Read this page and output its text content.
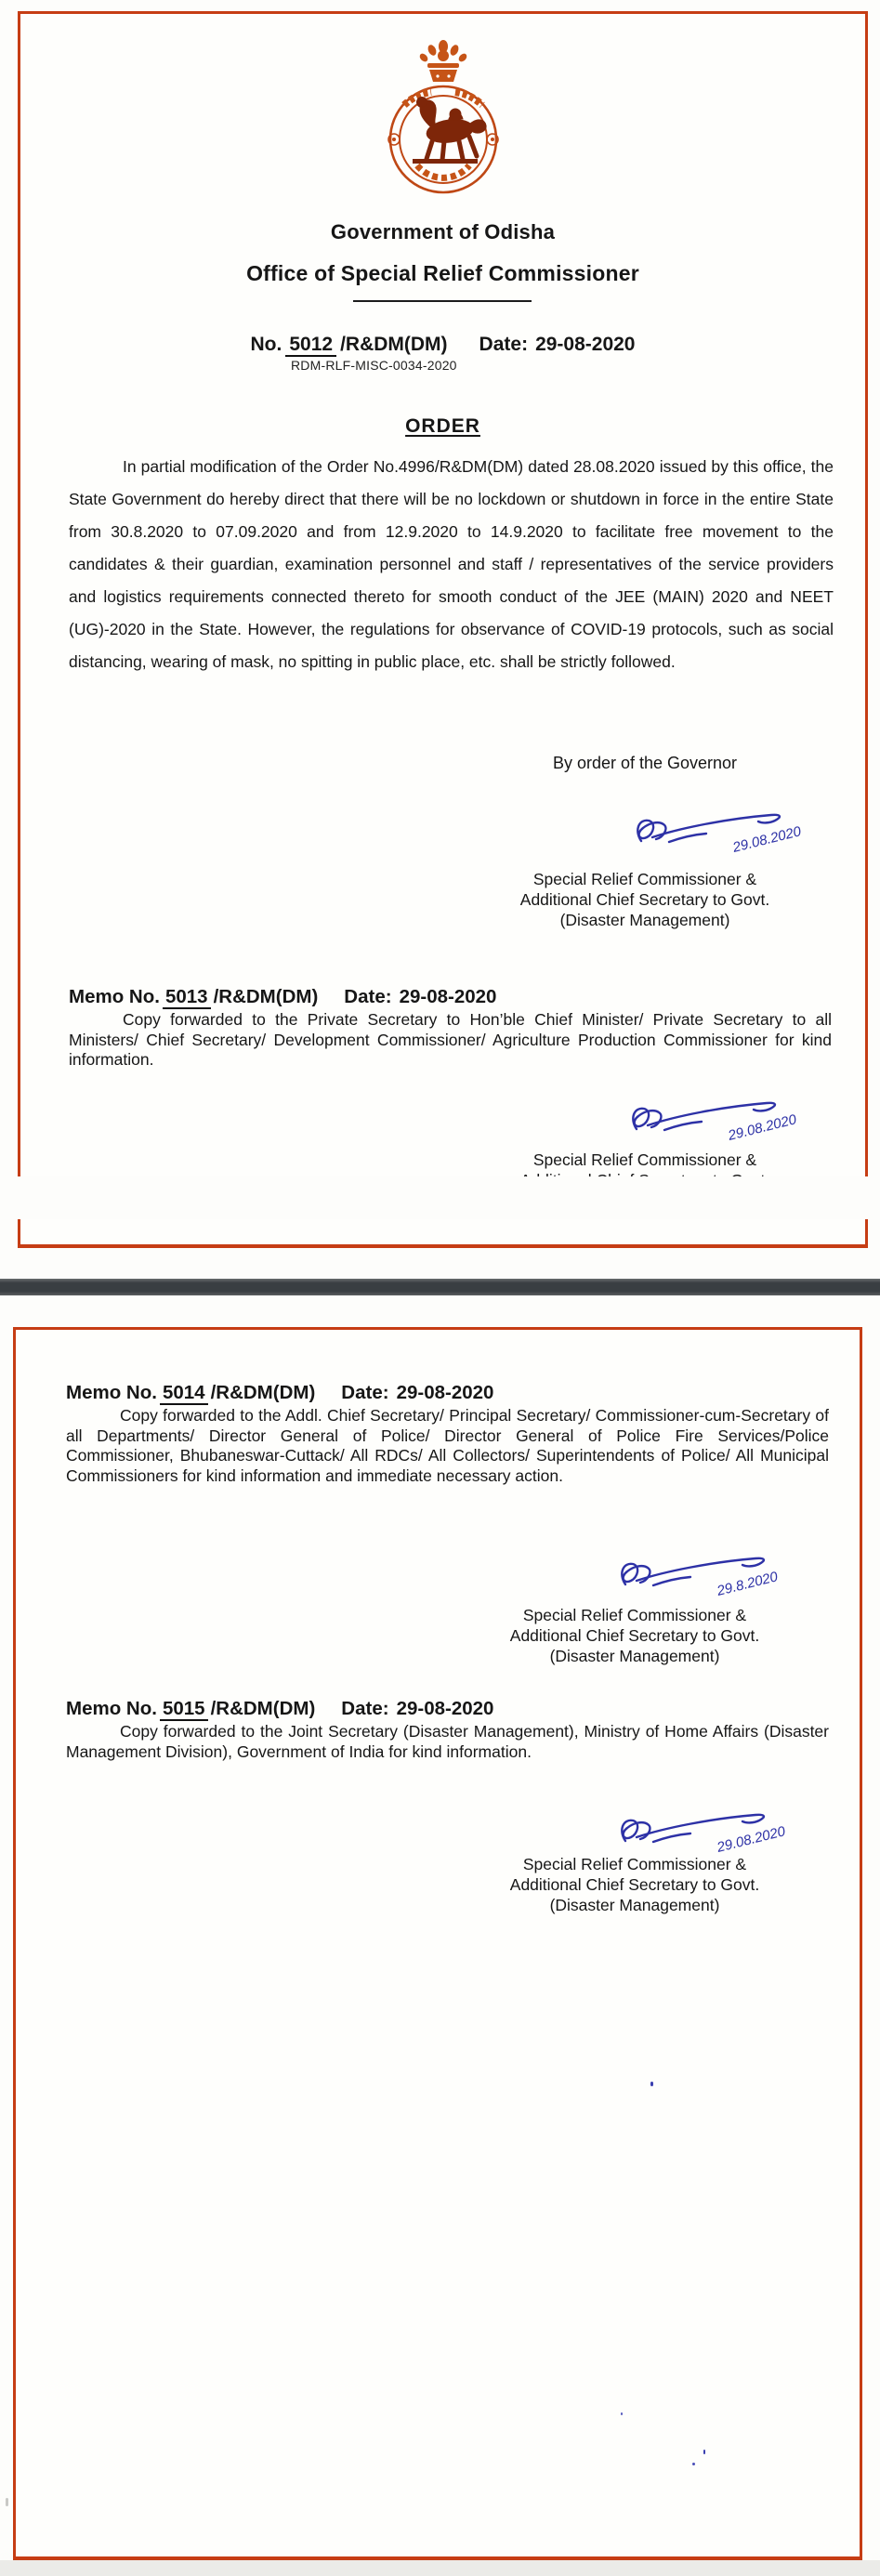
Government of Odisha
Office of Special Relief Commissioner
No. 5012 /R&DM(DM) Date: 29-08-2020
RDM-RLF-MISC-0034-2020
ORDER
In partial modification of the Order No.4996/R&DM(DM) dated 28.08.2020 issued by this office, the State Government do hereby direct that there will be no lockdown or shutdown in force in the entire State from 30.8.2020 to 07.09.2020 and from 12.9.2020 to 14.9.2020 to facilitate free movement to the candidates & their guardian, examination personnel and staff / representatives of the service providers and logistics requirements connected thereto for smooth conduct of the JEE (MAIN) 2020 and NEET (UG)-2020 in the State. However, the regulations for observance of COVID-19 protocols, such as social distancing, wearing of mask, no spitting in public place, etc. shall be strictly followed.
By order of the Governor
29.08.2020
Special Relief Commissioner &
Additional Chief Secretary to Govt.
(Disaster Management)
Memo No. 5013 /R&DM(DM) Date: 29-08-2020
Copy forwarded to the Private Secretary to Hon’ble Chief Minister/ Private Secretary to all Ministers/ Chief Secretary/ Development Commissioner/ Agriculture Production Commissioner for kind information.
29.08.2020
Special Relief Commissioner &
Memo No. 5014 /R&DM(DM) Date: 29-08-2020
Copy forwarded to the Addl. Chief Secretary/ Principal Secretary/ Commissioner-cum-Secretary of all Departments/ Director General of Police/ Director General of Police Fire Services/Police Commissioner, Bhubaneswar-Cuttack/ All RDCs/ All Collectors/ Superintendents of Police/ All Municipal Commissioners for kind information and immediate necessary action.
29.8.2020
Special Relief Commissioner &
Additional Chief Secretary to Govt.
(Disaster Management)
Memo No. 5015 /R&DM(DM) Date: 29-08-2020
Copy forwarded to the Joint Secretary (Disaster Management), Ministry of Home Affairs (Disaster Management Division), Government of India for kind information.
29.08.2020
Special Relief Commissioner &
Additional Chief Secretary to Govt.
(Disaster Management)
